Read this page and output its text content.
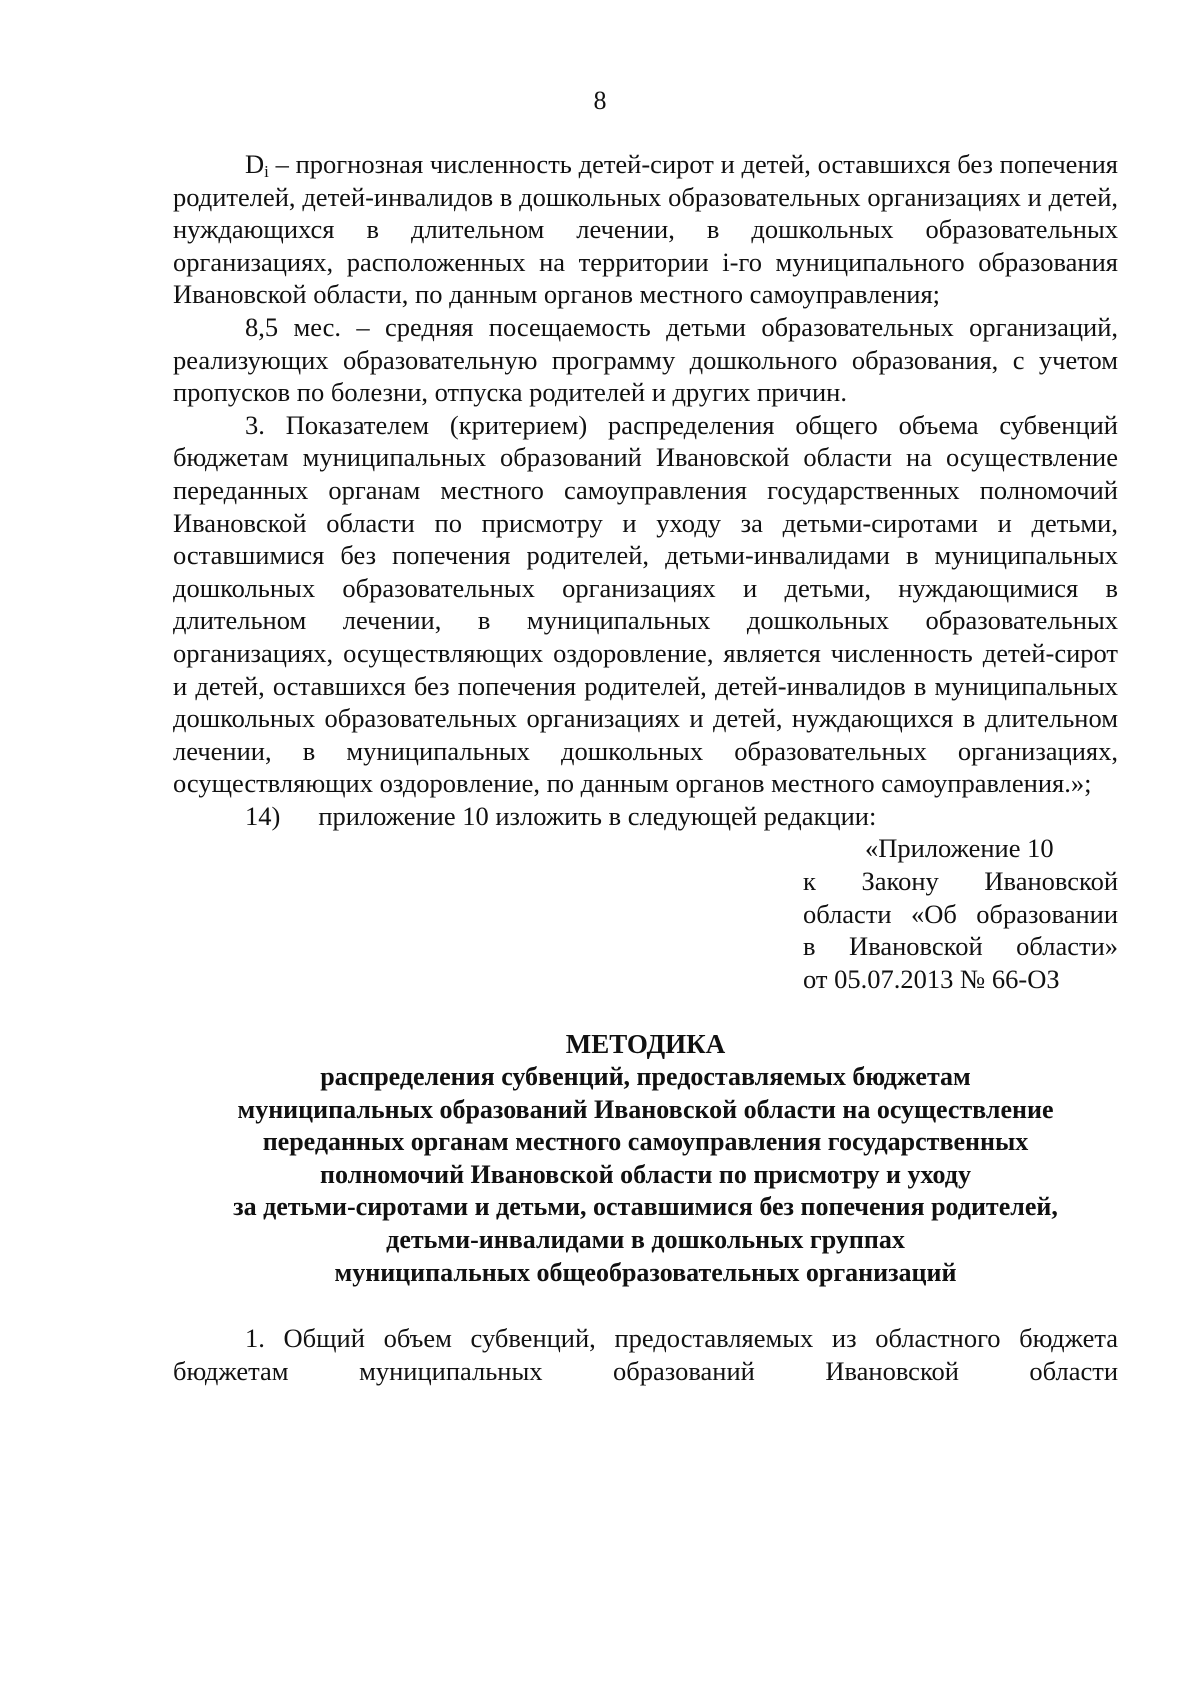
8

$D_i$ – прогнозная численность детей-сирот и детей, оставшихся без попечения родителей, детей-инвалидов в дошкольных образовательных организациях и детей, нуждающихся в длительном лечении, в дошкольных образовательных организациях, расположенных на территории i-го муниципального образования Ивановской области, по данным органов местного самоуправления;

8,5 мес. – средняя посещаемость детьми образовательных организаций, реализующих образовательную программу дошкольного образования, с учетом пропусков по болезни, отпуска родителей и других причин.

3. Показателем (критерием) распределения общего объема субвенций бюджетам муниципальных образований Ивановской области на осуществление переданных органам местного самоуправления государственных полномочий Ивановской области по присмотру и уходу за детьми-сиротами и детьми, оставшимися без попечения родителей, детьми-инвалидами в муниципальных дошкольных образовательных организациях и детьми, нуждающимися в длительном лечении, в муниципальных дошкольных образовательных организациях, осуществляющих оздоровление, является численность детей-сирот и детей, оставшихся без попечения родителей, детей-инвалидов в муниципальных дошкольных образовательных организациях и детей, нуждающихся в длительном лечении, в муниципальных дошкольных образовательных организациях, осуществляющих оздоровление, по данным органов местного самоуправления.»;

14) приложение 10 изложить в следующей редакции:

«Приложение 10
к Закону Ивановской
области «Об образовании
в Ивановской области»
от 05.07.2013 № 66-ОЗ
МЕТОДИКА
распределения субвенций, предоставляемых бюджетам
муниципальных образований Ивановской области на осуществление
переданных органам местного самоуправления государственных
полномочий Ивановской области по присмотру и уходу
за детьми-сиротами и детьми, оставшимися без попечения родителей,
детьми-инвалидами в дошкольных группах
муниципальных общеобразовательных организаций

1. Общий объем субвенций, предоставляемых из областного бюджета бюджетам муниципальных образований Ивановской области
